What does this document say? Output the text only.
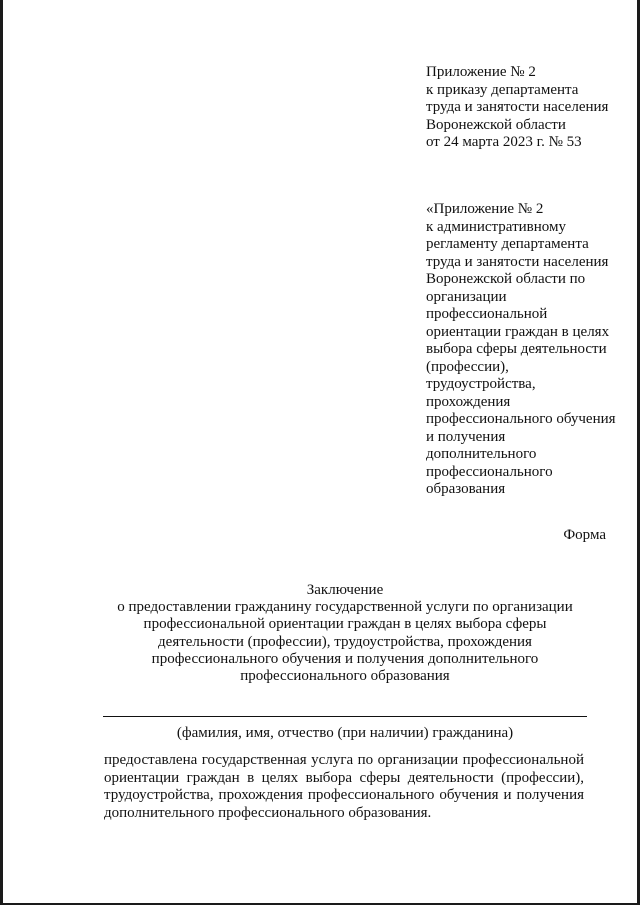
Приложение № 2
к приказу департамента
труда и занятости населения
Воронежской области
от 24 марта 2023 г. № 53
«Приложение № 2
к административному
регламенту департамента
труда и занятости населения
Воронежской области по
организации
профессиональной
ориентации граждан в целях
выбора сферы деятельности
(профессии),
трудоустройства,
прохождения
профессионального обучения
и получения
дополнительного
профессионального
образования
Форма
Заключение
о предоставлении гражданину государственной услуги по организации
профессиональной ориентации граждан в целях выбора сферы
деятельности (профессии), трудоустройства, прохождения
профессионального обучения и получения дополнительного
профессионального образования
(фамилия, имя, отчество (при наличии) гражданина)
предоставлена государственная услуга по организации профессиональной
ориентации граждан в целях выбора сферы деятельности (профессии),
трудоустройства, прохождения профессионального обучения и получения
дополнительного профессионального образования.
